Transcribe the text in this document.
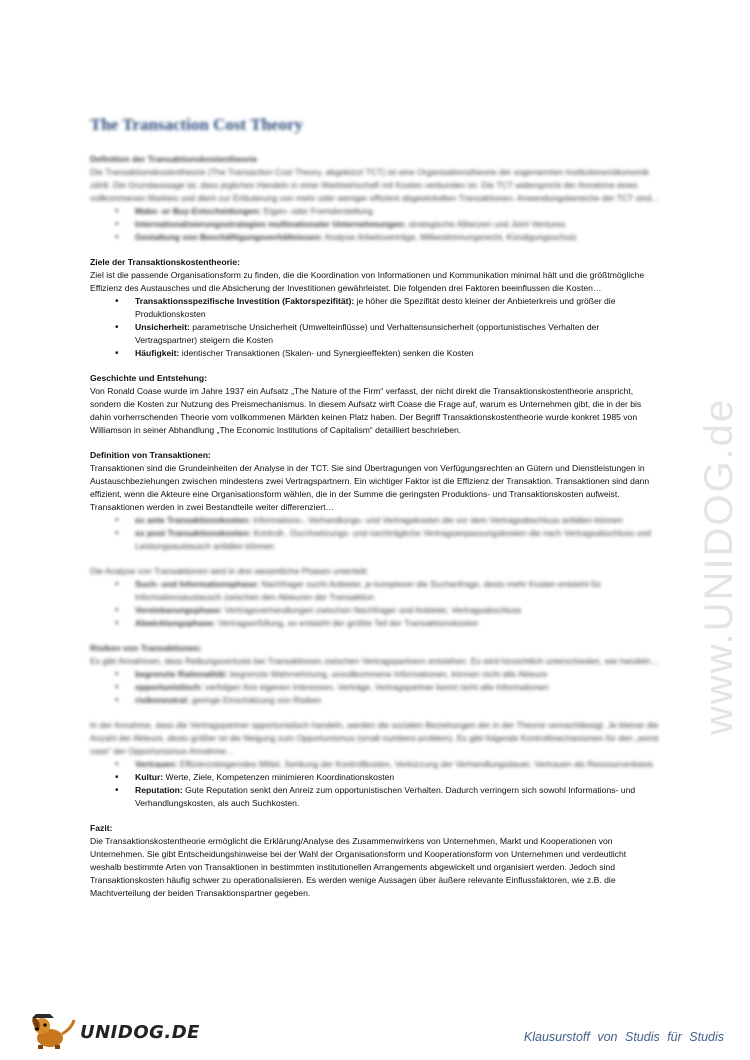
The Transaction Cost Theory

Definition der Transaktionskostentheorie

Die Transaktionskostentheorie (The Transaction Cost Theory, abgekürzt TCT) ist eine Organisationstheorie der sogenannten Institutionenökonomik zählt. Die Grundaussage ist, dass jegliches Handeln in einer Marktwirtschaft mit Kosten verbunden ist. Die TCT widerspricht der Annahme eines vollkommenen Marktes und dient zur Erläuterung von mehr oder weniger effizient abgewickelten Transaktionen. Anwendungsbereiche der TCT sind…

• Make- or Buy-Entscheidungen: Eigen- oder Fremderstellung
• Internationalisierungsstrategien multinationaler Unternehmungen: strategische Allianzen und Joint Ventures
• Gestaltung von Beschäftigungsverhältnissen: Analyse Arbeitsverträge, Mitbestimmungsrecht, Kündigungsschutz

Ziele der Transaktionskostentheorie:

Ziel ist die passende Organisationsform zu finden, die die Koordination von Informationen und Kommunikation minimal hält und die größtmögliche Effizienz des Austausches und die Absicherung der Investitionen gewährleistet. Die folgenden drei Faktoren beeinflussen die Kosten…

• Transaktionsspezifische Investition (Faktorspezifität): je höher die Spezifität desto kleiner der Anbieterkreis und größer die Produktionskosten
• Unsicherheit: parametrische Unsicherheit (Umwelteinflüsse) und Verhaltensunsicherheit (opportunistisches Verhalten der Vertragspartner) steigern die Kosten
• Häufigkeit: identischer Transaktionen (Skalen- und Synergieeffekten) senken die Kosten

Geschichte und Entstehung:

Von Ronald Coase wurde im Jahre 1937 ein Aufsatz „The Nature of the Firm“ verfasst, der nicht direkt die Transaktionskostentheorie anspricht, sondern die Kosten zur Nutzung des Preismechanismus. In diesem Aufsatz wirft Coase die Frage auf, warum es Unternehmen gibt, die in der bis dahin vorherrschenden Theorie vom vollkommenen Märkten keinen Platz haben. Der Begriff Transaktionskostentheorie wurde konkret 1985 von Williamson in seiner Abhandlung „The Economic Institutions of Capitalism“ detailliert beschrieben.

Definition von Transaktionen:

Transaktionen sind die Grundeinheiten der Analyse in der TCT. Sie sind Übertragungen von Verfügungsrechten an Gütern und Dienstleistungen in Austauschbeziehungen zwischen mindestens zwei Vertragspartnern. Ein wichtiger Faktor ist die Effizienz der Transaktion. Transaktionen sind dann effizient, wenn die Akteure eine Organisationsform wählen, die in der Summe die geringsten Produktions- und Transaktionskosten aufweist. Transaktionen werden in zwei Bestandteile weiter differenziert…

• ex ante Transaktionskosten: Informations-, Verhandlungs- und Vertragskosten die vor dem Vertragsabschluss anfallen können
• ex post Transaktionskosten: Kontroll-, Durchsetzungs- und nachträgliche Vertragsanpassungskosten die nach Vertragsabschluss und Leistungsaustausch anfallen können

Die Analyse von Transaktionen wird in drei wesentliche Phasen unterteilt:

• Such- und Informationsphase: Nachfrager sucht Anbieter, je komplexer die Suchanfrage, desto mehr Kosten entsteht für Informationsaustausch zwischen den Akteuren der Transaktion
• Vereinbarungsphase: Vertragsverhandlungen zwischen Nachfrager und Anbieter, Vertragsabschluss
• Abwicklungsphase: Vertragserfüllung, es entsteht der größte Teil der Transaktionskosten

Risiken von Transaktionen:

Es gibt Annahmen, dass Reibungsverluste bei Transaktionen zwischen Vertragspartnern entstehen. Es wird hinsichtlich unterschieden, wie handeln…

• begrenzte Rationalität: begrenzte Wahrnehmung, unvollkommene Informationen, können nicht alle Akteure
• opportunistisch: verfolgen ihre eigenen Interessen, Verträge, Vertragspartner kennt nicht alle Informationen
• risikoneutral: geringe Einschätzung von Risiken

In der Annahme, dass die Vertragspartner opportunistisch handeln, werden die sozialen Beziehungen der in der Theorie vernachlässigt. Je kleiner die Anzahl der Akteure, desto größer ist die Neigung zum Opportunismus (small numbers problem). Es gibt folgende Kontrollmechanismen für den „worst case“ der Opportunismus-Annahme…

• Vertrauen: Effizienzsteigerndes Mittel, Senkung der Kontrollkosten, Verkürzung der Verhandlungsdauer, Vertrauen als Ressourcenbasis
• Kultur: Werte, Ziele, Kompetenzen minimieren Koordinationskosten
• Reputation: Gute Reputation senkt den Anreiz zum opportunistischen Verhalten. Dadurch verringern sich sowohl Informations- und Verhandlungskosten, als auch Suchkosten.

Fazit:

Die Transaktionskostentheorie ermöglicht die Erklärung/Analyse des Zusammenwirkens von Unternehmen, Markt und Kooperationen von Unternehmen. Sie gibt Entscheidungshinweise bei der Wahl der Organisationsform und Kooperationsform von Unternehmen und verdeutlicht weshalb bestimmte Arten von Transaktionen in bestimmten institutionellen Arrangements abgewickelt und organisiert werden. Jedoch sind Transaktionskosten häufig schwer zu operationalisieren. Es werden wenige Aussagen über äußere relevante Einflussfaktoren, wie z.B. die Machtverteilung der beiden Transaktionspartner gegeben.

www.UNIDOG.de
UNIDOG.DE	Klausurstoff von Studis für Studis
